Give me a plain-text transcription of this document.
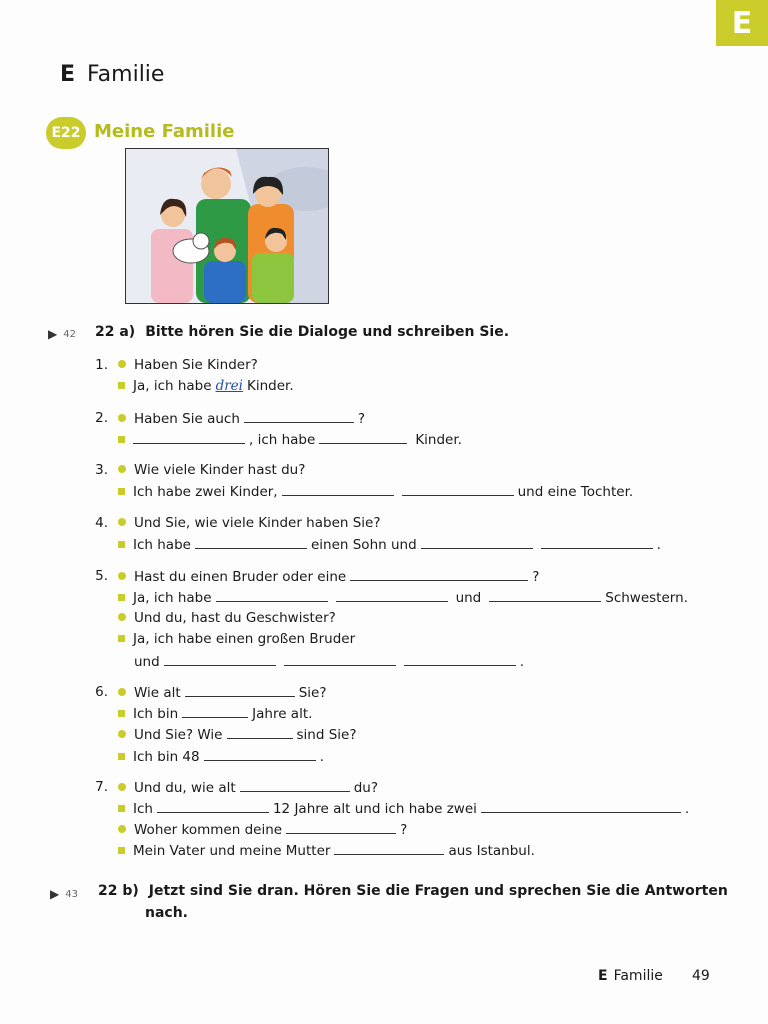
E
E Familie
E22 Meine Familie
▶ 42 22 a) Bitte hören Sie die Dialoge und schreiben Sie.
1. Haben Sie Kinder?
Ja, ich habe drei Kinder.
2. Haben Sie auch	?
, ich habe	Kinder.
3. Wie viele Kinder hast du?
Ich habe zwei Kinder,	und eine Tochter.
4. Und Sie, wie viele Kinder haben Sie?
Ich habe	einen Sohn und	.
5. Hast du einen Bruder oder eine	?
Ja, ich habe	und	Schwestern.
Und du, hast du Geschwister?
Ja, ich habe einen großen Bruder
und	.
6. Wie alt	Sie?
Ich bin	Jahre alt.
Und Sie? Wie	sind Sie?
Ich bin 48	.
7. Und du, wie alt	du?
Ich	12 Jahre alt und ich habe zwei	.
Woher kommen deine	?
Mein Vater und meine Mutter	aus Istanbul.
▶ 43 22 b) Jetzt sind Sie dran. Hören Sie die Fragen und sprechen Sie die Antworten
nach.
E Familie 49
